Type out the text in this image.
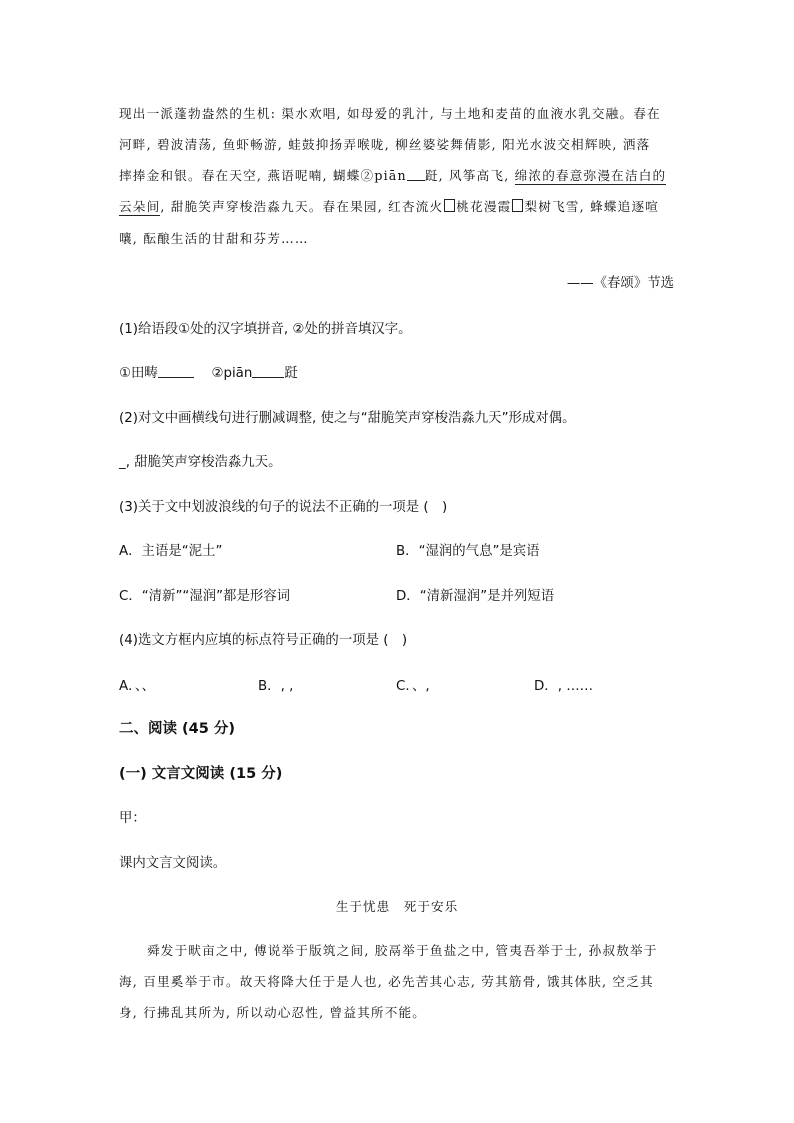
现出一派蓬勃盎然的生机: 渠水欢唱, 如母爱的乳汁, 与土地和麦苗的血液水乳交融。春在
河畔, 碧波清荡, 鱼虾畅游, 蛙鼓抑扬弄喉咙, 柳丝婆娑舞倩影, 阳光水波交相辉映, 洒落
摔捧金和银。春在天空, 燕语呢喃, 蝴蝶②piān 跹, 风筝高飞, 绵浓的春意弥漫在洁白的
云朵间, 甜脆笑声穿梭浩淼九天。春在果园, 红杏流火 桃花漫霞 梨树飞雪, 蜂蝶追逐喧
嚷, 酝酿生活的甘甜和芬芳……
——《春颂》节选
(1)给语段①处的汉字填拼音, ②处的拼音填汉字。
①田畴　	②piān 跹
(2)对文中画横线句进行删减调整, 使之与“甜脆笑声穿梭浩淼九天”形成对偶。
_, 甜脆笑声穿梭浩淼九天。
(3)关于文中划波浪线的句子的说法不正确的一项是 (　)
A．主语是“泥土”	B．“湿润的气息”是宾语
C．“清新”“湿润”都是形容词	D．“清新湿润”是并列短语
(4)选文方框内应填的标点符号正确的一项是 (　)
A．、、	B．, ,	C．、,	D．, ……
二、阅读 (45 分)
(一) 文言文阅读 (15 分)
甲：
课内文言文阅读。
生于忧患　死于安乐
舜发于畎亩之中, 傅说举于版筑之间, 胶鬲举于鱼盐之中, 管夷吾举于士, 孙叔敖举于
海, 百里奚举于市。故天将降大任于是人也, 必先苦其心志, 劳其筋骨, 饿其体肤, 空乏其
身, 行拂乱其所为, 所以动心忍性, 曾益其所不能。
